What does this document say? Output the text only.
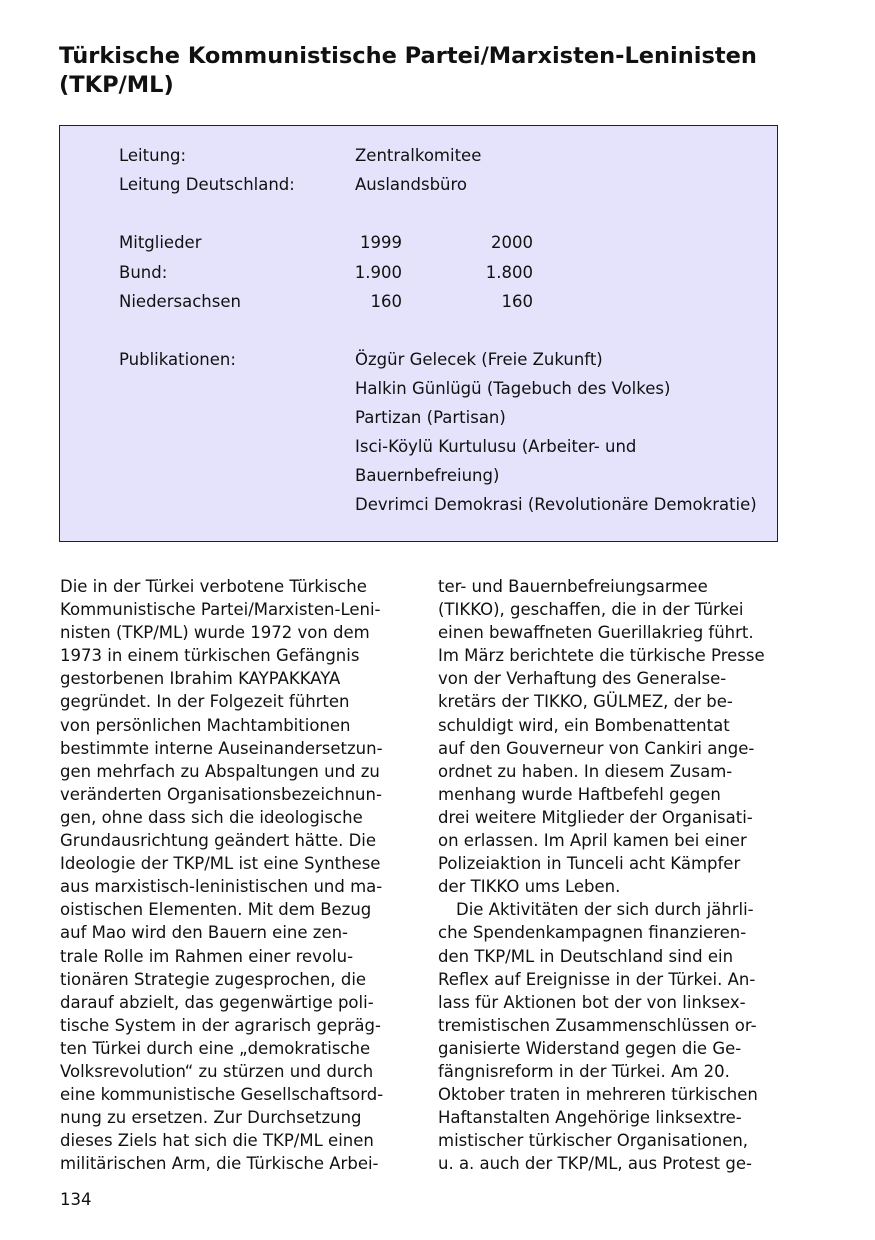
Türkische Kommunistische Partei/Marxisten-Leninisten
(TKP/ML)
Leitung:	Zentralkomitee
Leitung Deutschland:	Auslandsbüro
Mitglieder	1999	2000
Bund:	1.900	1.800
Niedersachsen	160	160
Publikationen:	Özgür Gelecek (Freie Zukunft)
Halkin Günlügü (Tagebuch des Volkes)
Partizan (Partisan)
Isci-Köylü Kurtulusu (Arbeiter- und
Bauernbefreiung)
Devrimci Demokrasi (Revolutionäre Demokratie)
Die in der Türkei verbotene Türkische
Kommunistische Partei/Marxisten-Leni-
nisten (TKP/ML) wurde 1972 von dem
1973 in einem türkischen Gefängnis
gestorbenen Ibrahim KAYPAKKAYA
gegründet. In der Folgezeit führten
von persönlichen Machtambitionen
bestimmte interne Auseinandersetzun-
gen mehrfach zu Abspaltungen und zu
veränderten Organisationsbezeichnun-
gen, ohne dass sich die ideologische
Grundausrichtung geändert hätte. Die
Ideologie der TKP/ML ist eine Synthese
aus marxistisch-leninistischen und ma-
oistischen Elementen. Mit dem Bezug
auf Mao wird den Bauern eine zen-
trale Rolle im Rahmen einer revolu-
tionären Strategie zugesprochen, die
darauf abzielt, das gegenwärtige poli-
tische System in der agrarisch gepräg-
ten Türkei durch eine „demokratische
Volksrevolution“ zu stürzen und durch
eine kommunistische Gesellschaftsord-
nung zu ersetzen. Zur Durchsetzung
dieses Ziels hat sich die TKP/ML einen
militärischen Arm, die Türkische Arbei-
ter- und Bauernbefreiungsarmee
(TIKKO), geschaffen, die in der Türkei
einen bewaffneten Guerillakrieg führt.
Im März berichtete die türkische Presse
von der Verhaftung des Generalse-
kretärs der TIKKO, GÜLMEZ, der be-
schuldigt wird, ein Bombenattentat
auf den Gouverneur von Cankiri ange-
ordnet zu haben. In diesem Zusam-
menhang wurde Haftbefehl gegen
drei weitere Mitglieder der Organisati-
on erlassen. Im April kamen bei einer
Polizeiaktion in Tunceli acht Kämpfer
der TIKKO ums Leben.
Die Aktivitäten der sich durch jährli-
che Spendenkampagnen finanzieren-
den TKP/ML in Deutschland sind ein
Reflex auf Ereignisse in der Türkei. An-
lass für Aktionen bot der von linksex-
tremistischen Zusammenschlüssen or-
ganisierte Widerstand gegen die Ge-
fängnisreform in der Türkei. Am 20.
Oktober traten in mehreren türkischen
Haftanstalten Angehörige linksextre-
mistischer türkischer Organisationen,
u. a. auch der TKP/ML, aus Protest ge-
134
